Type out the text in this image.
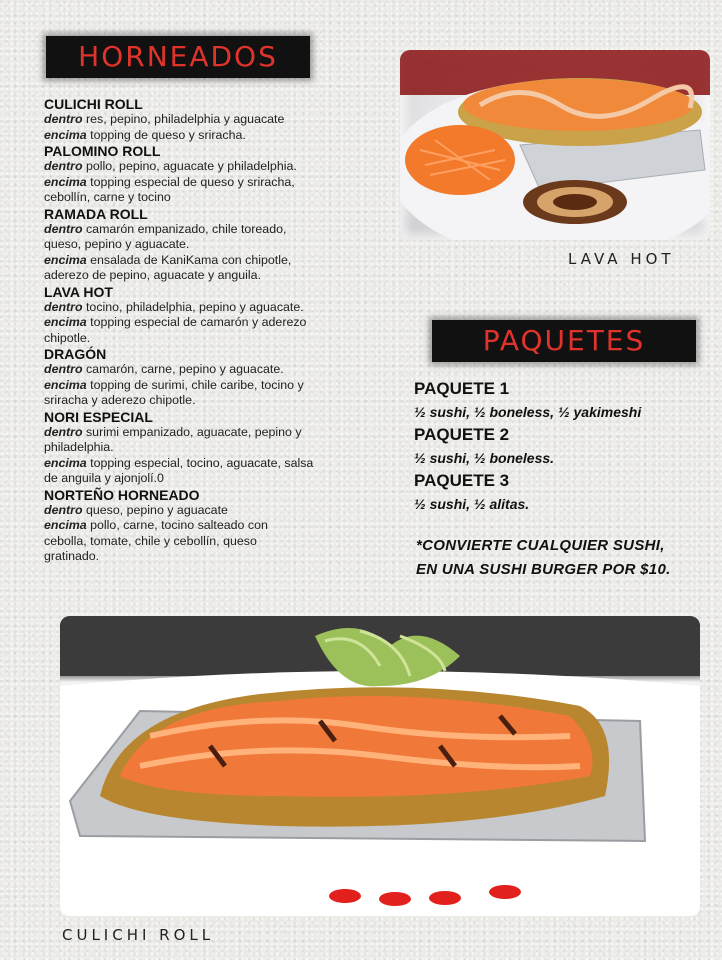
HORNEADOS
CULICHI ROLL
dentro res, pepino, philadelphia y aguacate
encima topping de queso y sriracha.
PALOMINO ROLL
dentro pollo, pepino, aguacate y philadelphia.
encima topping especial de queso y sriracha,
cebollín, carne y tocino
RAMADA ROLL
dentro camarón empanizado, chile toreado,
queso, pepino y aguacate.
encima ensalada de KaniKama con chipotle,
aderezo de pepino, aguacate y anguila.
LAVA HOT
dentro tocino, philadelphia, pepino y aguacate.
encima topping especial de camarón y aderezo
chipotle.
DRAGÓN
dentro camarón, carne, pepino y aguacate.
encima topping de surimi, chile caribe, tocino y
sriracha y aderezo chipotle.
NORI ESPECIAL
dentro surimi empanizado, aguacate, pepino y
philadelphia.
encima topping especial, tocino, aguacate, salsa
de anguila y ajonjolí.0
NORTEÑO HORNEADO
dentro queso, pepino y aguacate
encima pollo, carne, tocino salteado con
cebolla, tomate, chile y cebollín, queso
gratinado.
LAVA HOT
PAQUETES
PAQUETE 1
½ sushi, ½ boneless, ½ yakimeshi
PAQUETE 2
½ sushi, ½ boneless.
PAQUETE 3
½ sushi, ½ alitas.
*CONVIERTE CUALQUIER SUSHI,
EN UNA SUSHI BURGER POR $10.
CULICHI ROLL
